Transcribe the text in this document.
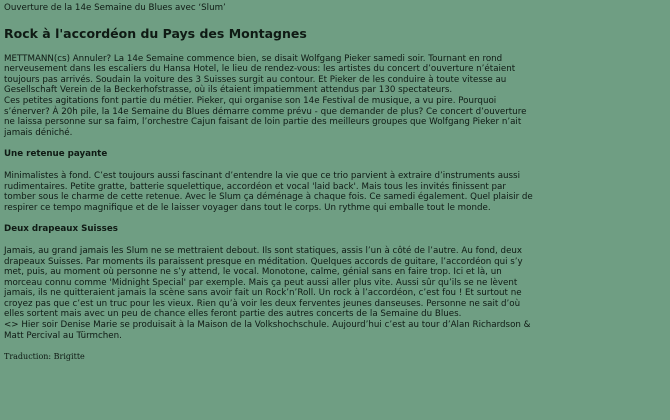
Ouverture de la 14e Semaine du Blues avec ‘Slum’
Rock à l'accordéon du Pays des Montagnes

METTMANN(cs) Annuler? La 14e Semaine commence bien, se disait Wolfgang Pieker samedi soir. Tournant en rond
nerveusement dans les escaliers du Hansa Hotel, le lieu de rendez-vous: les artistes du concert d’ouverture n’étaient
toujours pas arrivés. Soudain la voiture des 3 Suisses surgit au contour. Et Pieker de les conduire à toute vitesse au
Gesellschaft Verein de la Beckerhofstrasse, où ils étaient impatiemment attendus par 130 spectateurs.
Ces petites agitations font partie du métier. Pieker, qui organise son 14e Festival de musique, a vu pire. Pourquoi
s’énerver? À 20h pile, la 14e Semaine du Blues démarre comme prévu - que demander de plus? Ce concert d’ouverture
ne laissa personne sur sa faim, l’orchestre Cajun faisant de loin partie des meilleurs groupes que Wolfgang Pieker n’ait
jamais déniché.

Une retenue payante

Minimalistes à fond. C’est toujours aussi fascinant d’entendre la vie que ce trio parvient à extraire d’instruments aussi
rudimentaires. Petite gratte, batterie squelettique, accordéon et vocal 'laid back'. Mais tous les invités finissent par
tomber sous le charme de cette retenue. Avec le Slum ça déménage à chaque fois. Ce samedi également. Quel plaisir de
respirer ce tempo magnifique et de le laisser voyager dans tout le corps. Un rythme qui emballe tout le monde.

Deux drapeaux Suisses

Jamais, au grand jamais les Slum ne se mettraient debout. Ils sont statiques, assis l’un à côté de l’autre. Au fond, deux
drapeaux Suisses. Par moments ils paraissent presque en méditation. Quelques accords de guitare, l’accordéon qui s’y
met, puis, au moment où personne ne s’y attend, le vocal. Monotone, calme, génial sans en faire trop. Ici et là, un
morceau connu comme 'Midnight Special' par exemple. Mais ça peut aussi aller plus vite. Aussi sûr qu’ils se ne lèvent
jamais, ils ne quitteraient jamais la scène sans avoir fait un Rock’n’Roll. Un rock à l’accordéon, c’est fou ! Et surtout ne
croyez pas que c’est un truc pour les vieux. Rien qu’à voir les deux ferventes jeunes danseuses. Personne ne sait d’où
elles sortent mais avec un peu de chance elles feront partie des autres concerts de la Semaine du Blues.
<> Hier soir Denise Marie se produisait à la Maison de la Volkshochschule. Aujourd’hui c’est au tour d’Alan Richardson &
Matt Percival au Türmchen.

Traduction: Brigitte
